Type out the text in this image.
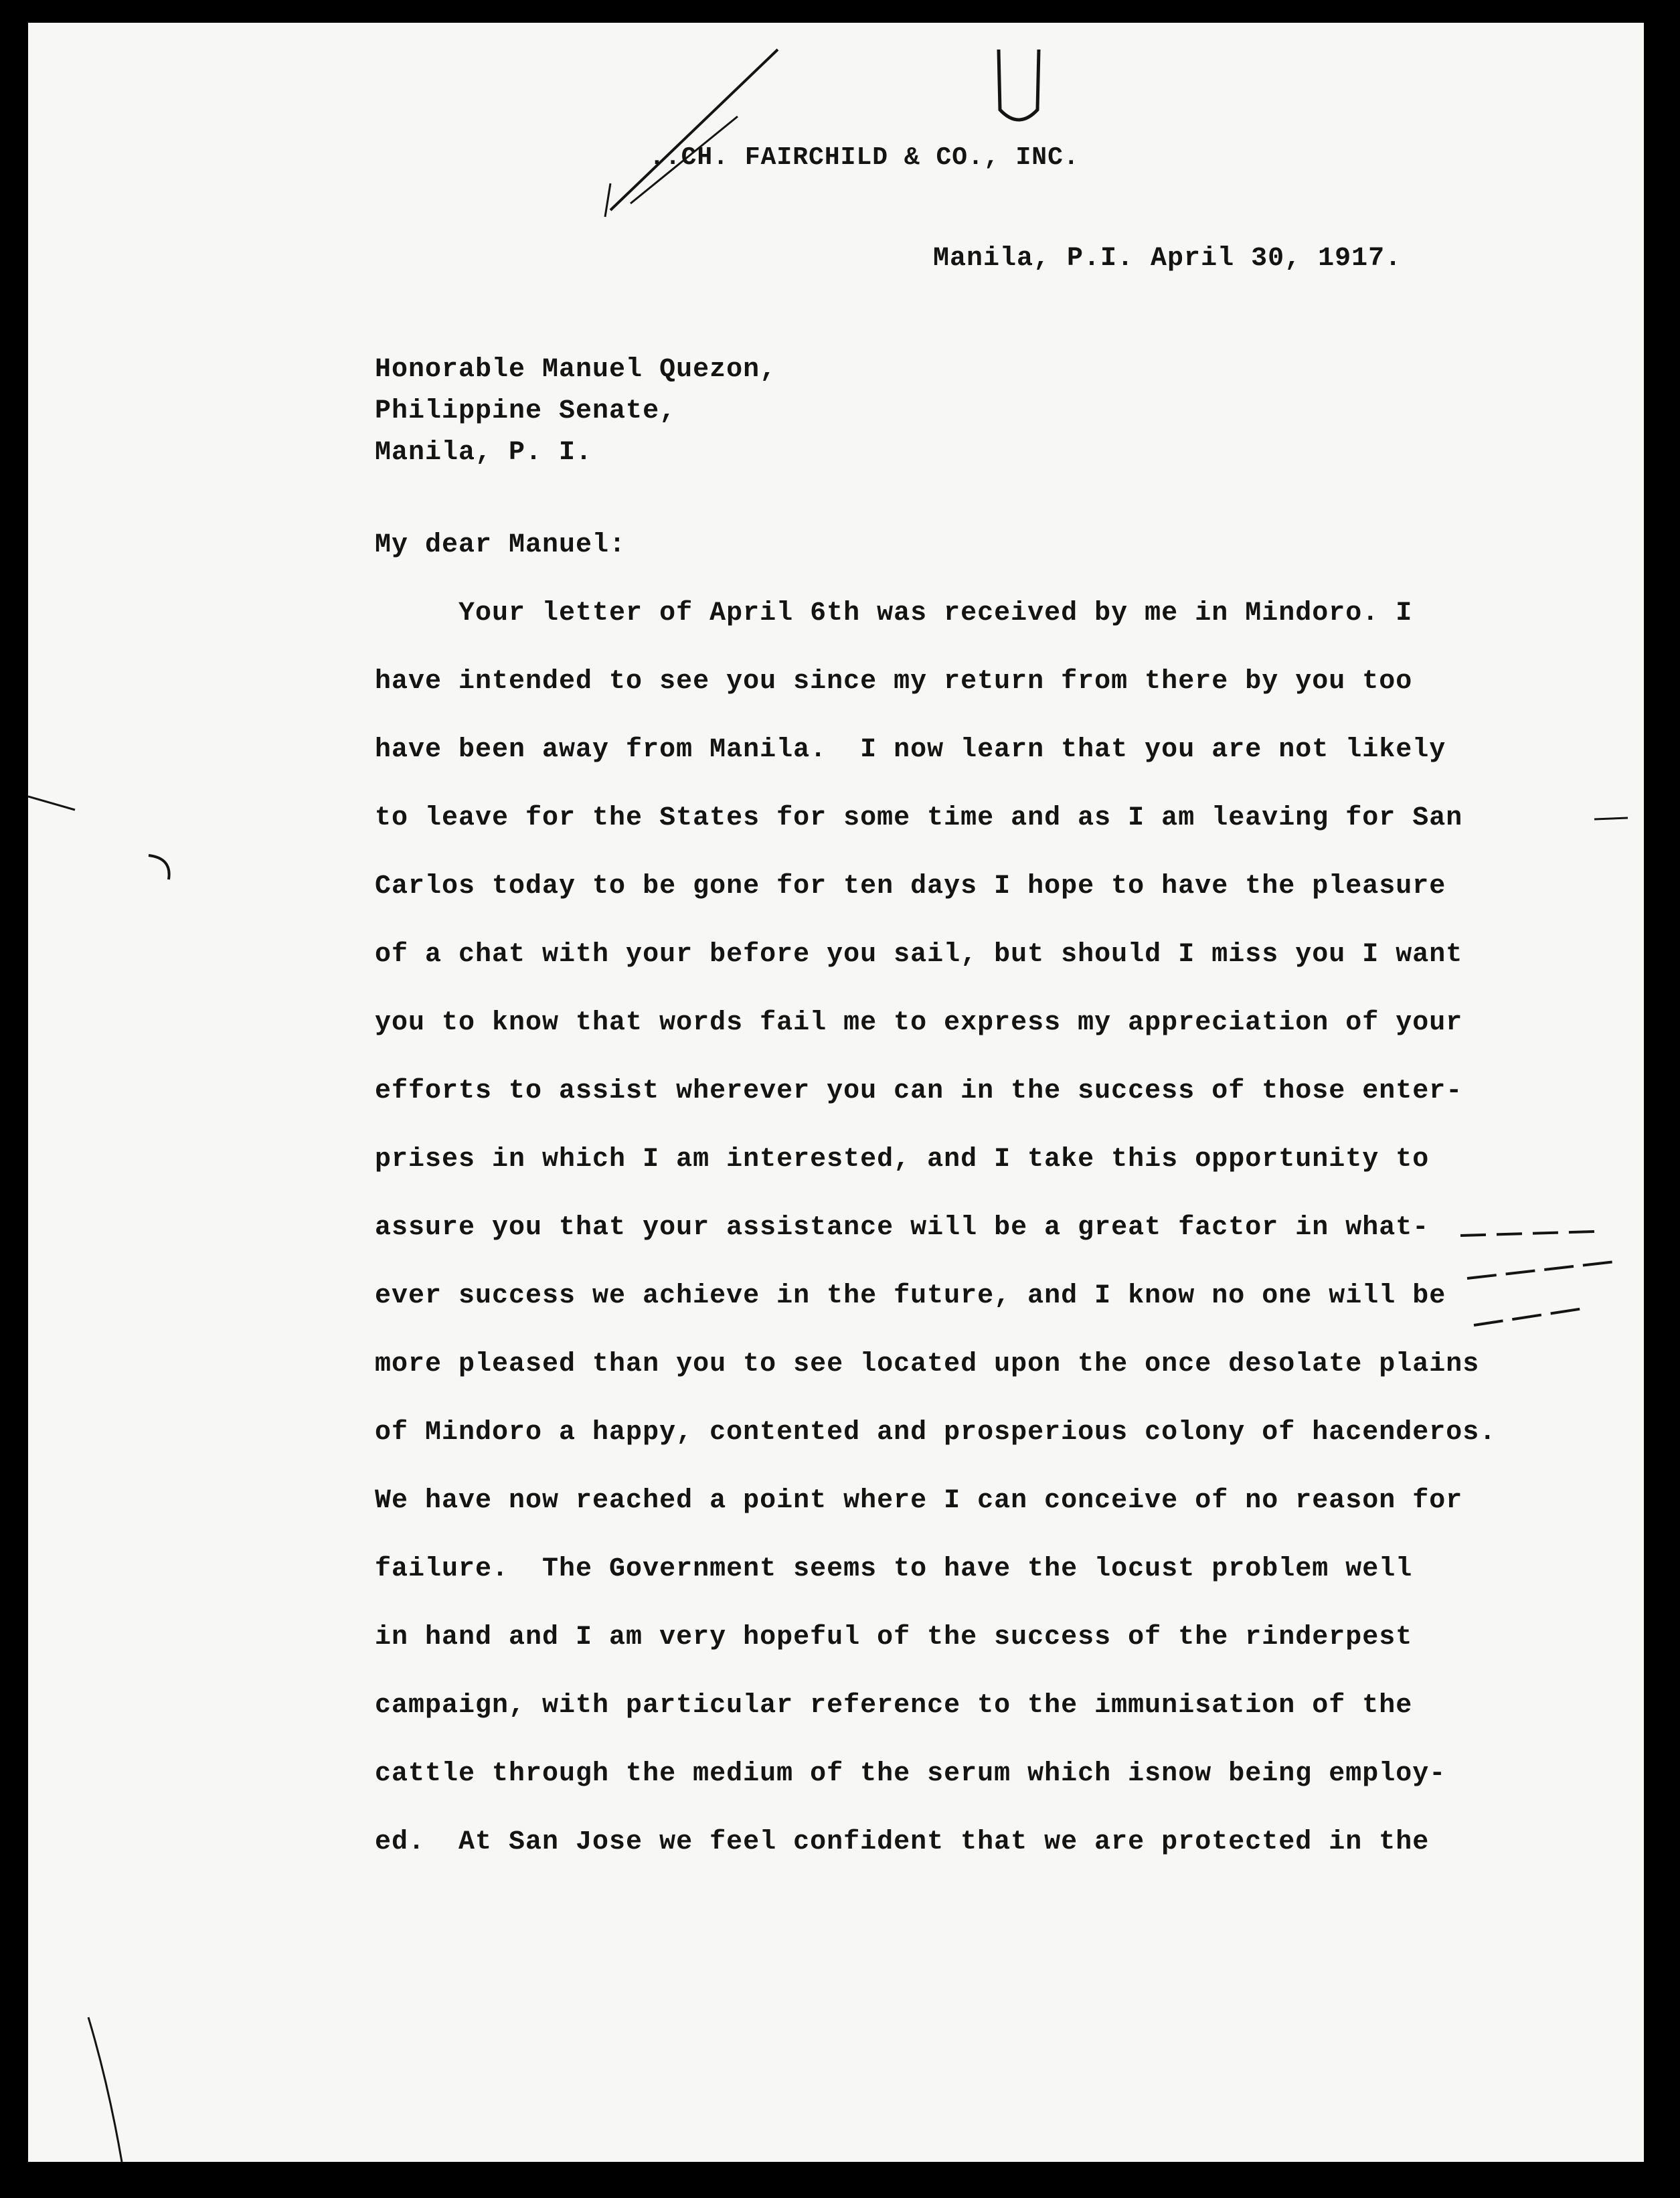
..CH. FAIRCHILD & CO., INC.

Manila, P.I. April 30, 1917.

Honorable Manuel Quezon,

Philippine Senate,

Manila, P. I.

My dear Manuel:

Your letter of April 6th was received by me in Mindoro. I

have intended to see you since my return from there by you too

have been away from Manila.  I now learn that you are not likely

to leave for the States for some time and as I am leaving for San

Carlos today to be gone for ten days I hope to have the pleasure

of a chat with your before you sail, but should I miss you I want

you to know that words fail me to express my appreciation of your

efforts to assist wherever you can in the success of those enter-

prises in which I am interested, and I take this opportunity to

assure you that your assistance will be a great factor in what-

ever success we achieve in the future, and I know no one will be

more pleased than you to see located upon the once desolate plains

of Mindoro a happy, contented and prosperious colony of hacenderos.

We have now reached a point where I can conceive of no reason for

failure.  The Government seems to have the locust problem well

in hand and I am very hopeful of the success of the rinderpest

campaign, with particular reference to the immunisation of the

cattle through the medium of the serum which isnow being employ-

ed.  At San Jose we feel confident that we are protected in the
